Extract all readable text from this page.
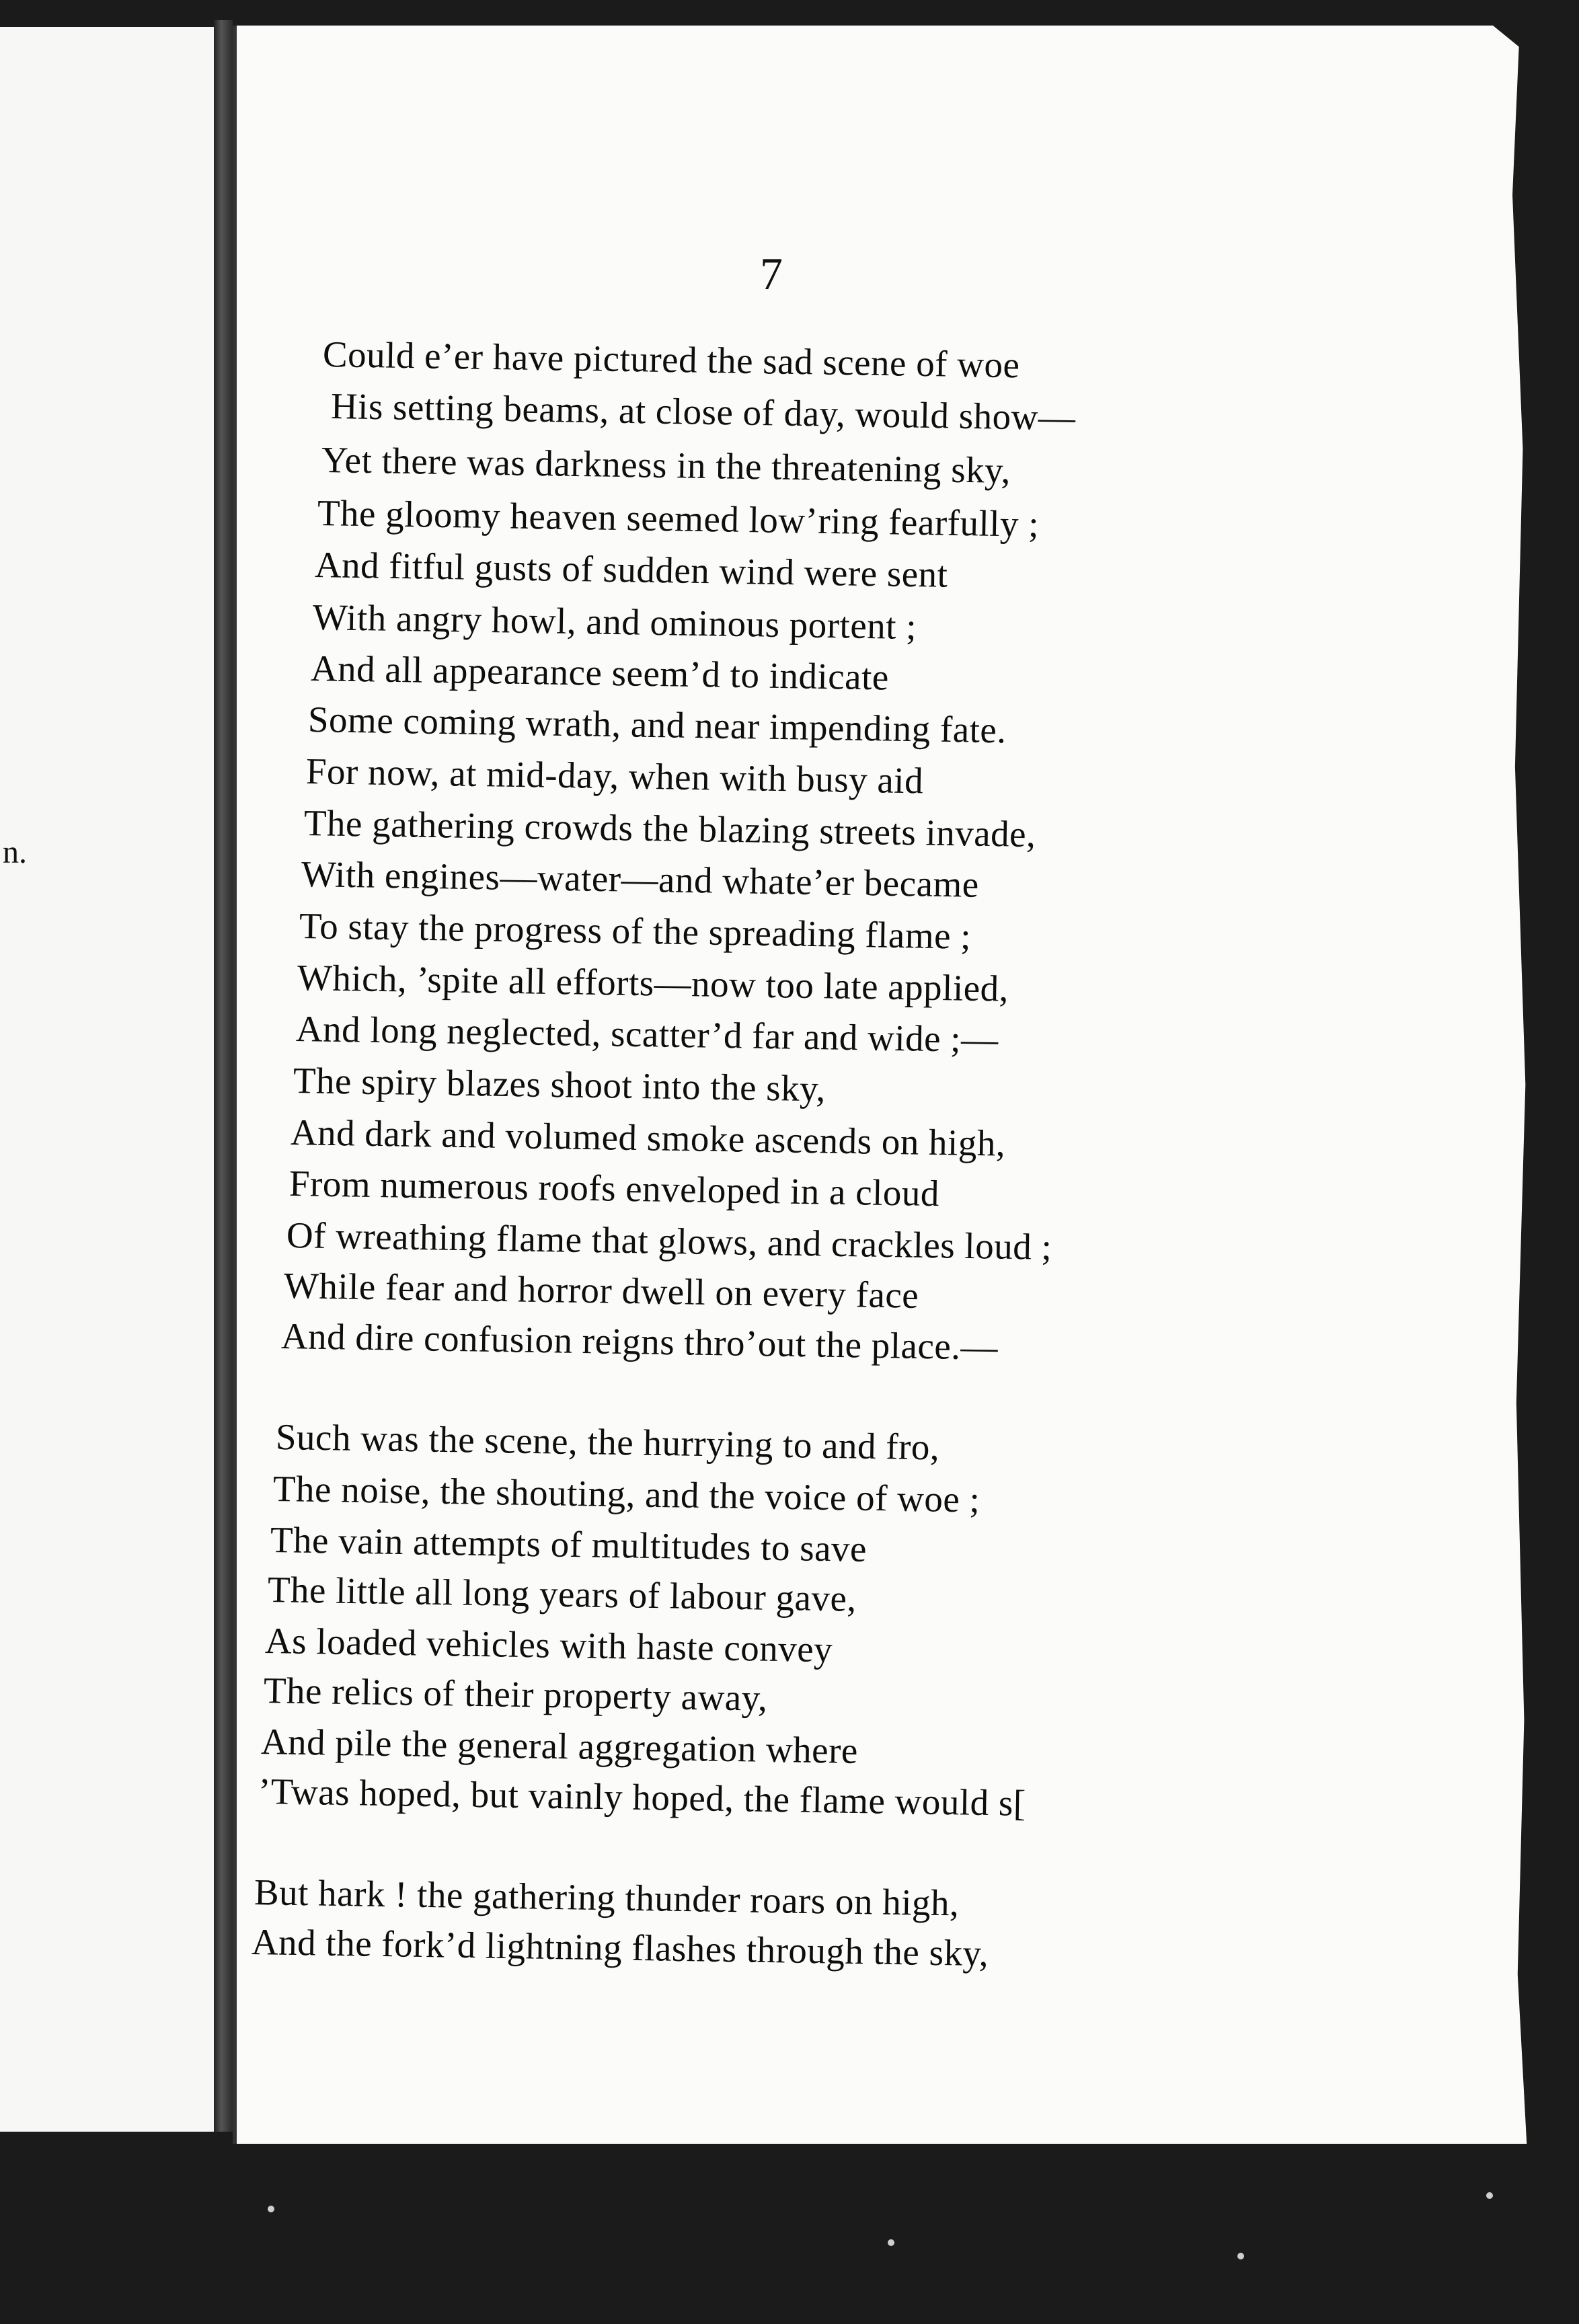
n.
7
Could e’er have pictured the sad scene of woe
His setting beams, at close of day, would show—
Yet there was darkness in the threatening sky,
The gloomy heaven seemed low’ring fearfully ;
And fitful gusts of sudden wind were sent
With angry howl, and ominous portent ;
And all appearance seem’d to indicate
Some coming wrath, and near impending fate.
For now, at mid-day, when with busy aid
The gathering crowds the blazing streets invade,
With engines—water—and whate’er became
To stay the progress of the spreading flame ;
Which, ’spite all efforts—now too late applied,
And long neglected, scatter’d far and wide ;—
The spiry blazes shoot into the sky,
And dark and volumed smoke ascends on high,
From numerous roofs enveloped in a cloud
Of wreathing flame that glows, and crackles loud ;
While fear and horror dwell on every face
And dire confusion reigns thro’out the place.—
Such was the scene, the hurrying to and fro,
The noise, the shouting, and the voice of woe ;
The vain attempts of multitudes to save
The little all long years of labour gave,
As loaded vehicles with haste convey
The relics of their property away,
And pile the general aggregation where
’Twas hoped, but vainly hoped, the flame would s[
But hark ! the gathering thunder roars on high,
And the fork’d lightning flashes through the sky,
